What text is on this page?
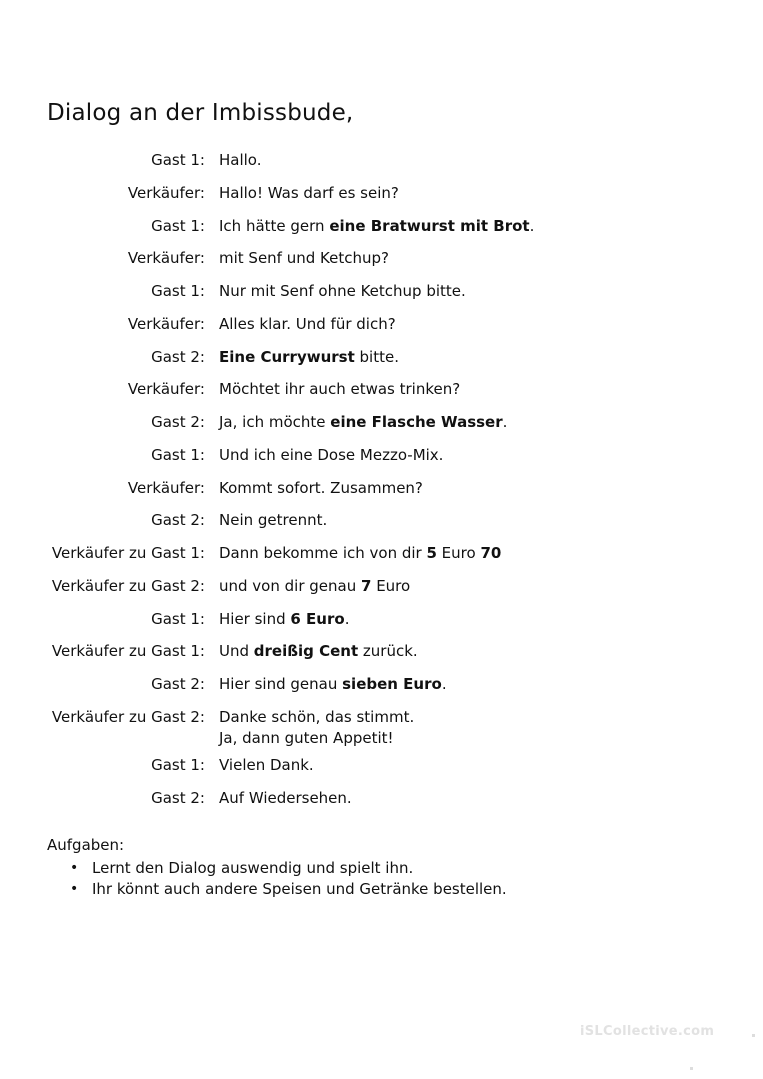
Dialog an der Imbissbude,
Gast 1: Hallo.
Verkäufer: Hallo! Was darf es sein?
Gast 1: Ich hätte gern eine Bratwurst mit Brot.
Verkäufer: mit Senf und Ketchup?
Gast 1: Nur mit Senf ohne Ketchup bitte.
Verkäufer: Alles klar. Und für dich?
Gast 2: Eine Currywurst bitte.
Verkäufer: Möchtet ihr auch etwas trinken?
Gast 2: Ja, ich möchte eine Flasche Wasser.
Gast 1: Und ich eine Dose Mezzo-Mix.
Verkäufer: Kommt sofort. Zusammen?
Gast 2: Nein getrennt.
Verkäufer zu Gast 1: Dann bekomme ich von dir 5 Euro 70
Verkäufer zu Gast 2: und von dir genau 7 Euro
Gast 1: Hier sind 6 Euro.
Verkäufer zu Gast 1: Und dreißig Cent zurück.
Gast 2: Hier sind genau sieben Euro.
Verkäufer zu Gast 2: Danke schön, das stimmt.
Ja, dann guten Appetit!
Gast 1: Vielen Dank.
Gast 2: Auf Wiedersehen.
Aufgaben:
• Lernt den Dialog auswendig und spielt ihn.
• Ihr könnt auch andere Speisen und Getränke bestellen.
iSLCollective.com
